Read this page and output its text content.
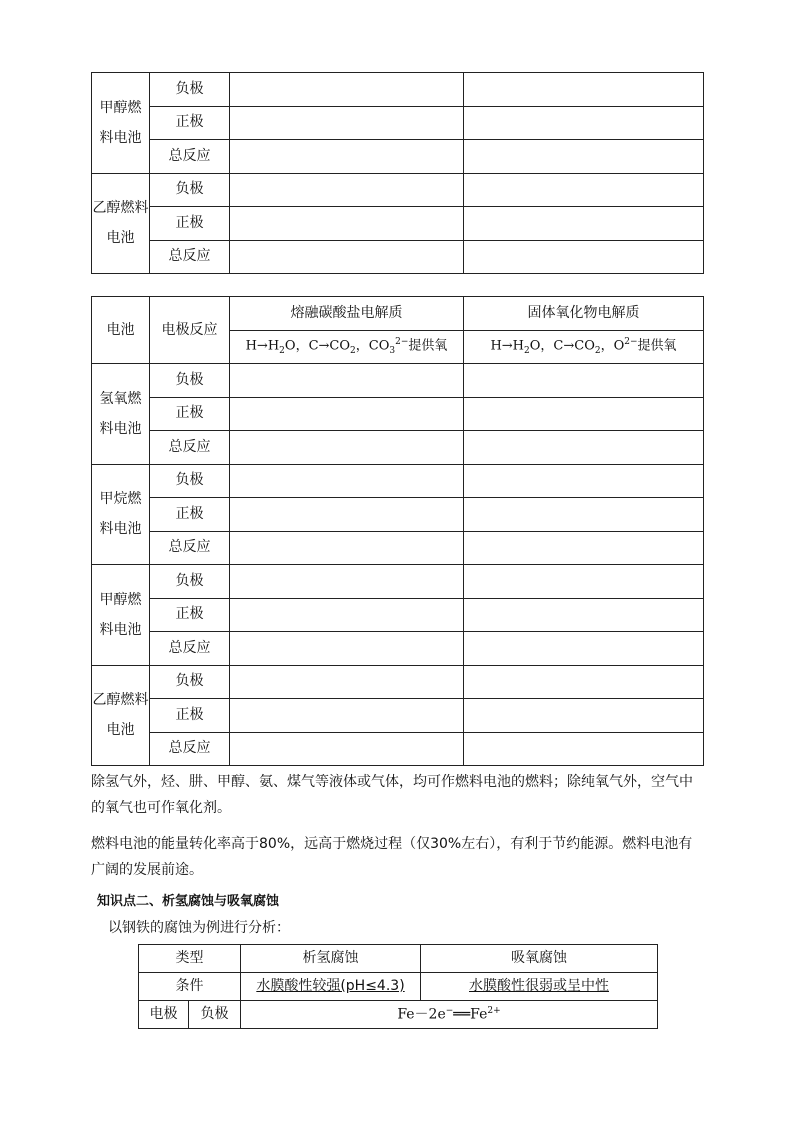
甲醇燃
料电池	负极		
	正极		
	总反应		
乙醇燃料
电池	负极		
	正极		
	总反应		
电池	电极反应	熔融碳酸盐电解质	固体氧化物电解质
		$H\to H_2O$，$C\to CO_2$，$CO_3^{2-}$提供氧	$H\to H_2O$，$C\to CO_2$，$O^{2-}$提供氧
氢氧燃
料电池	负极		
	正极		
	总反应		
甲烷燃
料电池	负极		
	正极		
	总反应		
甲醇燃
料电池	负极		
	正极		
	总反应		
乙醇燃料
电池	负极		
	正极		
	总反应		

除氢气外，烃、肼、甲醇、氨、煤气等液体或气体，均可作燃料电池的燃料；除纯氧气外，空气中的氧气也可作氧化剂。

燃料电池的能量转化率高于80%，远高于燃烧过程（仅30%左右），有利于节约能源。燃料电池有广阔的发展前途。

知识点二、析氢腐蚀与吸氧腐蚀

以钢铁的腐蚀为例进行分析：

类型		析氢腐蚀	吸氧腐蚀
条件		水膜酸性较强(pH≤4.3)	水膜酸性很弱或呈中性
电极	负极	$Fe-2e^-══Fe^{2+}$
